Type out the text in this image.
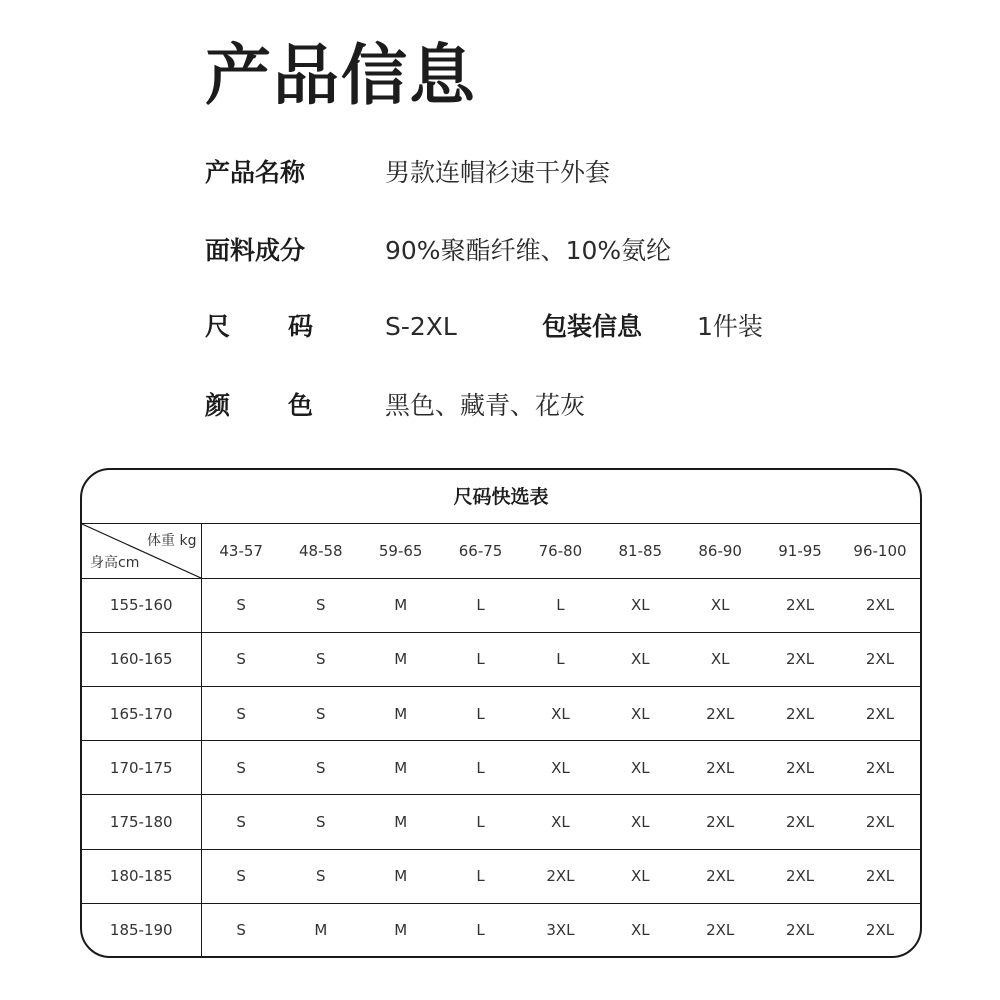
产品信息
产品名称	男款连帽衫速干外套
面料成分	90%聚酯纤维、10%氨纶
尺 码	S-2XL	包装信息 1件装
颜 色	黑色、藏青、花灰
尺码快选表
体重 kg
身高cm	43-57	48-58	59-65	66-75	76-80	81-85	86-90	91-95	96-100
155-160	S	S	M	L	L	XL	XL	2XL	2XL
160-165	S	S	M	L	L	XL	XL	2XL	2XL
165-170	S	S	M	L	XL	XL	2XL	2XL	2XL
170-175	S	S	M	L	XL	XL	2XL	2XL	2XL
175-180	S	S	M	L	XL	XL	2XL	2XL	2XL
180-185	S	S	M	L	2XL	XL	2XL	2XL	2XL
185-190	S	M	M	L	3XL	XL	2XL	2XL	2XL
